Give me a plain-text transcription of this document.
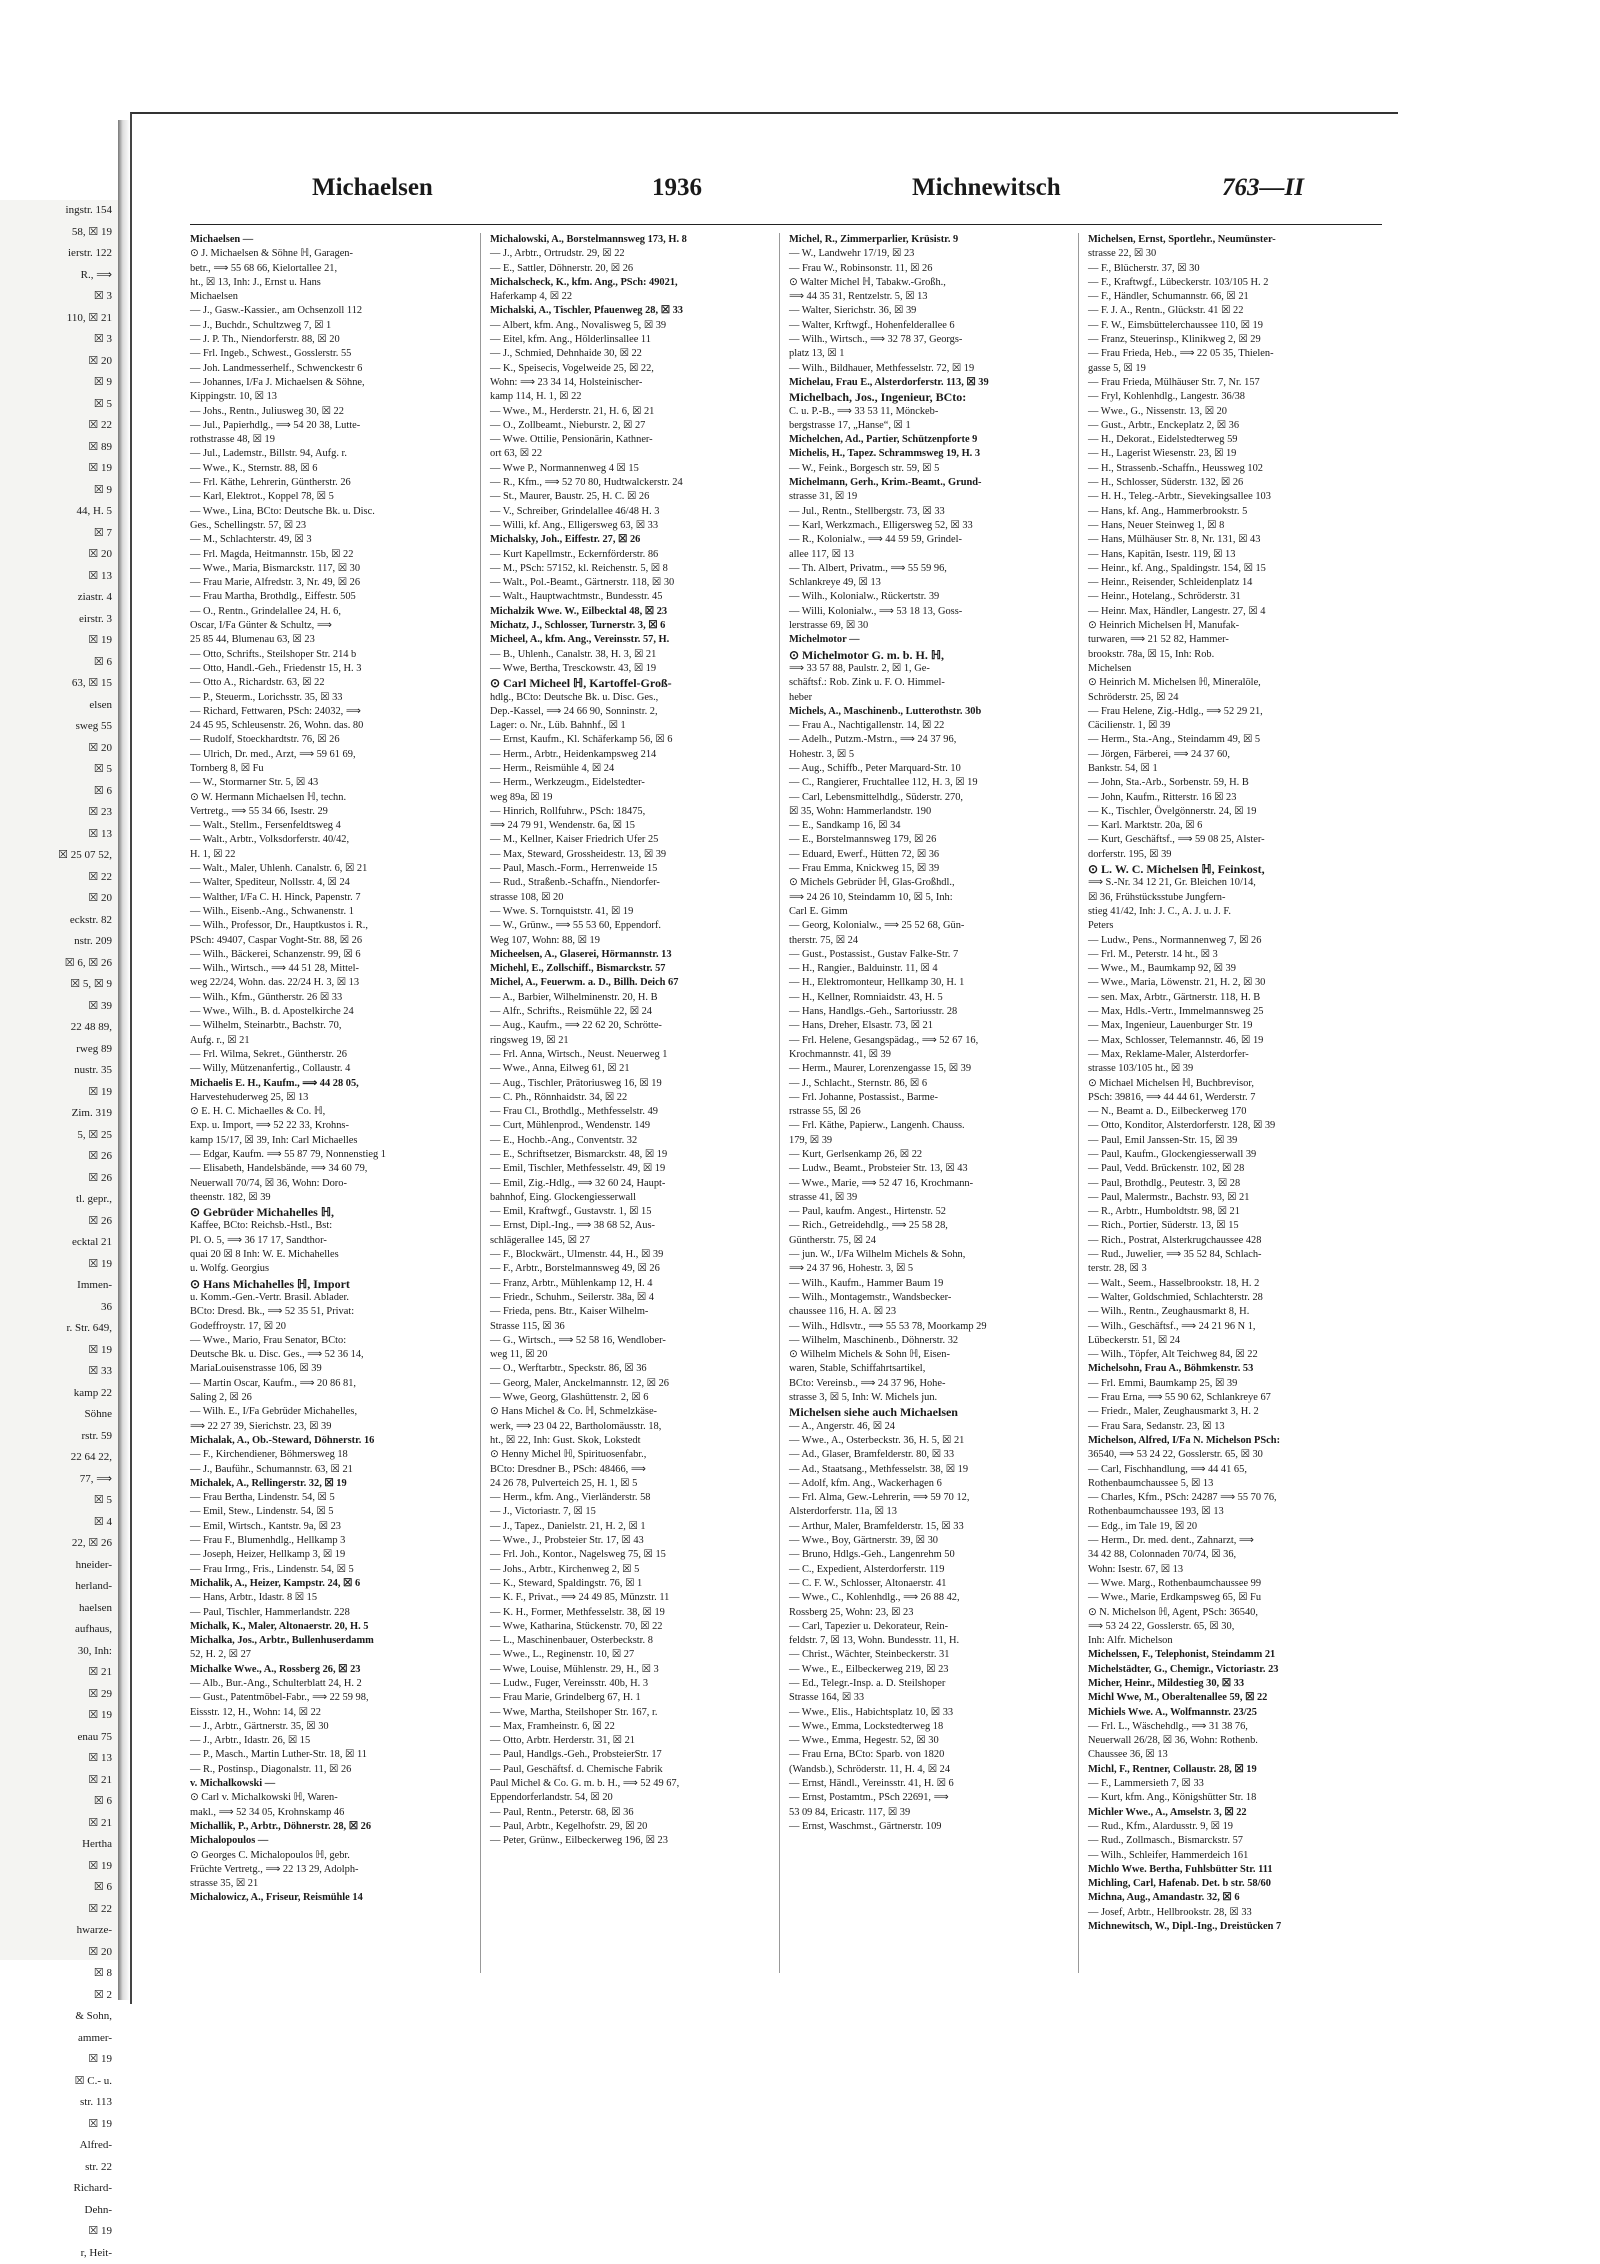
ingstr. 154
58, ☒ 19
ierstr. 122
R., ⟹
☒ 3
110, ☒ 21
☒ 3
☒ 20
☒ 9
☒ 5
☒ 22
☒ 89
☒ 19
☒ 9
44, H. 5
☒ 7
☒ 20
☒ 13
ziastr. 4
eirstr. 3
☒ 19
☒ 6
63, ☒ 15
elsen
sweg 55
☒ 20
☒ 5
☒ 6
☒ 23
☒ 13
☒ 25 07 52,
☒ 22
☒ 20
eckstr. 82
nstr. 209
☒ 6, ☒ 26
☒ 5, ☒ 9
☒ 39
22 48 89,
rweg 89
nustr. 35
☒ 19
Zim. 319
5, ☒ 25
☒ 26
☒ 26
tl. gepr.,
☒ 26
ecktal 21
☒ 19
Immen-
36
r. Str. 649,
☒ 19
☒ 33
kamp 22
Söhne
rstr. 59
22 64 22,
77, ⟹
☒ 5
☒ 4
22, ☒ 26
hneider-
herland-
haelsen
aufhaus,
30, Inh:
☒ 21
☒ 29
☒ 19
enau 75
☒ 13
☒ 21
☒ 6
☒ 21
Hertha
☒ 19
☒ 6
☒ 22
hwarze-
☒ 20
☒ 8
☒ 2
& Sohn,
ammer-
☒ 19
☒ C.- u.
str. 113
☒ 19
Alfred-
str. 22
Richard-
Dehn-
☒ 19
r, Heit-
Michaelsen	1936	Michnewitsch	763—II
Michaelsen —
⊙ J. Michaelsen & Söhne ℍ, Garagen-
betr., ⟹ 55 68 66, Kielortallee 21,
ht., ☒ 13, Inh: J., Ernst u. Hans
Michaelsen
— J., Gasw.-Kassier., am Ochsenzoll 112
— J., Buchdr., Schultzweg 7, ☒ 1
— J. P. Th., Niendorferstr. 88, ☒ 20
— Frl. Ingeb., Schwest., Gosslerstr. 55
— Joh. Landmesserhelf., Schwenckestr 6
— Johannes, I/Fa J. Michaelsen & Söhne,
Kippingstr. 10, ☒ 13
— Johs., Rentn., Juliusweg 30, ☒ 22
— Jul., Papierhdlg., ⟹ 54 20 38, Lutte-
rothstrasse 48, ☒ 19
— Jul., Lademstr., Billstr. 94, Aufg. r.
— Wwe., K., Sternstr. 88, ☒ 6
— Frl. Käthe, Lehrerin, Güntherstr. 26
— Karl, Elektrot., Koppel 78, ☒ 5
— Wwe., Lina, BCto: Deutsche Bk. u. Disc.
Ges., Schellingstr. 57, ☒ 23
— M., Schlachterstr. 49, ☒ 3
— Frl. Magda, Heitmannstr. 15b, ☒ 22
— Wwe., Maria, Bismarckstr. 117, ☒ 30
— Frau Marie, Alfredstr. 3, Nr. 49, ☒ 26
— Frau Martha, Brothdlg., Eiffestr. 505
— O., Rentn., Grindelallee 24, H. 6,
Oscar, I/Fa Günter & Schultz, ⟹
25 85 44, Blumenau 63, ☒ 23
— Otto, Schrifts., Steilshoper Str. 214 b
— Otto, Handl.-Geh., Friedenstr 15, H. 3
— Otto A., Richardstr. 63, ☒ 22
— P., Steuerm., Lorichsstr. 35, ☒ 33
— Richard, Fettwaren, PSch: 24032, ⟹
24 45 95, Schleusenstr. 26, Wohn. das. 80
— Rudolf, Stoeckhardtstr. 76, ☒ 26
— Ulrich, Dr. med., Arzt, ⟹ 59 61 69,
Tornberg 8, ☒ Fu
— W., Stormarner Str. 5, ☒ 43
⊙ W. Hermann Michaelsen ℍ, techn.
Vertretg., ⟹ 55 34 66, Isestr. 29
— Walt., Stellm., Fersenfeldtsweg 4
— Walt., Arbtr., Volksdorferstr. 40/42,
H. 1, ☒ 22
— Walt., Maler, Uhlenh. Canalstr. 6, ☒ 21
— Walter, Spediteur, Nollsstr. 4, ☒ 24
— Walther, I/Fa C. H. Hinck, Papenstr. 7
— Wilh., Eisenb.-Ang., Schwanenstr. 1
— Wilh., Professor, Dr., Hauptkustos i. R.,
PSch: 49407, Caspar Voght-Str. 88, ☒ 26
— Wilh., Bäckerei, Schanzenstr. 99, ☒ 6
— Wilh., Wirtsch., ⟹ 44 51 28, Mittel-
weg 22/24, Wohn. das. 22/24 H. 3, ☒ 13
— Wilh., Kfm., Güntherstr. 26 ☒ 33
— Wwe., Wilh., B. d. Apostelkirche 24
— Wilhelm, Steinarbtr., Bachstr. 70,
Aufg. r., ☒ 21
— Frl. Wilma, Sekret., Güntherstr. 26
— Willy, Mützenanfertig., Collaustr. 4
Michaelis E. H., Kaufm., ⟹ 44 28 05,
Harvestehuderweg 25, ☒ 13
⊙ E. H. C. Michaelles & Co. ℍ,
Exp. u. Import, ⟹ 52 22 33, Krohns-
kamp 15/17, ☒ 39, Inh: Carl Michaelles
— Edgar, Kaufm. ⟹ 55 87 79, Nonnenstieg 1
— Elisabeth, Handelsbände, ⟹ 34 60 79,
Neuerwall 70/74, ☒ 36, Wohn: Doro-
theenstr. 182, ☒ 39
⊙ Gebrüder Michahelles ℍ,
Kaffee, BCto: Reichsb.-Hstl., Bst:
Pl. O. 5, ⟹ 36 17 17, Sandthor-
quai 20 ☒ 8 Inh: W. E. Michahelles
u. Wolfg. Georgius
⊙ Hans Michahelles ℍ, Import
u. Komm.-Gen.-Vertr. Brasil. Ablader.
BCto: Dresd. Bk., ⟹ 52 35 51, Privat:
Godeffroystr. 17, ☒ 20
— Wwe., Mario, Frau Senator, BCto:
Deutsche Bk. u. Disc. Ges., ⟹ 52 36 14,
MariaLouisenstrasse 106, ☒ 39
— Martin Oscar, Kaufm., ⟹ 20 86 81,
Saling 2, ☒ 26
— Wilh. E., I/Fa Gebrüder Michahelles,
⟹ 22 27 39, Sierichstr. 23, ☒ 39
Michalak, A., Ob.-Steward, Döhnerstr. 16
— F., Kirchendiener, Böhmersweg 18
— J., Bauführ., Schumannstr. 63, ☒ 21
Michalek, A., Rellingerstr. 32, ☒ 19
— Frau Bertha, Lindenstr. 54, ☒ 5
— Emil, Stew., Lindenstr. 54, ☒ 5
— Emil, Wirtsch., Kantstr. 9a, ☒ 23
— Frau F., Blumenhdlg., Hellkamp 3
— Joseph, Heizer, Hellkamp 3, ☒ 19
— Frau Irmg., Fris., Lindenstr. 54, ☒ 5
Michalik, A., Heizer, Kampstr. 24, ☒ 6
— Hans, Arbtr., Idastr. 8 ☒ 15
— Paul, Tischler, Hammerlandstr. 228
Michalk, K., Maler, Altonaerstr. 20, H. 5
Michalka, Jos., Arbtr., Bullenhuserdamm
52, H. 2, ☒ 27
Michalke Wwe., A., Rossberg 26, ☒ 23
— Alb., Bur.-Ang., Schulterblatt 24, H. 2
— Gust., Patentmöbel-Fabr., ⟹ 22 59 98,
Eissstr. 12, H., Wohn: 14, ☒ 22
— J., Arbtr., Gärtnerstr. 35, ☒ 30
— J., Arbtr., Idastr. 26, ☒ 15
— P., Masch., Martin Luther-Str. 18, ☒ 11
— R., Postinsp., Diagonalstr. 11, ☒ 26
v. Michalkowski —
⊙ Carl v. Michalkowski ℍ, Waren-
makl., ⟹ 52 34 05, Krohnskamp 46
Michallik, P., Arbtr., Döhnerstr. 28, ☒ 26
Michalopoulos —
⊙ Georges C. Michalopoulos ℍ, gebr.
Früchte Vertretg., ⟹ 22 13 29, Adolph-
strasse 35, ☒ 21
Michalowicz, A., Friseur, Reismühle 14
Michalowski, A., Borstelmannsweg 173, H. 8
— J., Arbtr., Ortrudstr. 29, ☒ 22
— E., Sattler, Döhnerstr. 20, ☒ 26
Michalscheck, K., kfm. Ang., PSch: 49021,
Haferkamp 4, ☒ 22
Michalski, A., Tischler, Pfauenweg 28, ☒ 33
— Albert, kfm. Ang., Novalisweg 5, ☒ 39
— Eitel, kfm. Ang., Hölderlinsallee 11
— J., Schmied, Dehnhaide 30, ☒ 22
— K., Speisecis, Vogelweide 25, ☒ 22,
Wohn: ⟹ 23 34 14, Holsteinischer-
kamp 114, H. 1, ☒ 22
— Wwe., M., Herderstr. 21, H. 6, ☒ 21
— O., Zollbeamt., Nieburstr. 2, ☒ 27
— Wwe. Ottilie, Pensionärin, Kathner-
ort 63, ☒ 22
— Wwe P., Normannenweg 4 ☒ 15
— R., Kfm., ⟹ 52 70 80, Hudtwalckerstr. 24
— St., Maurer, Baustr. 25, H. C. ☒ 26
— V., Schreiber, Grindelallee 46/48 H. 3
— Willi, kf. Ang., Elligersweg 63, ☒ 33
Michalsky, Joh., Eiffestr. 27, ☒ 26
— Kurt Kapellmstr., Eckernförderstr. 86
— M., PSch: 57152, kl. Reichenstr. 5, ☒ 8
— Walt., Pol.-Beamt., Gärtnerstr. 118, ☒ 30
— Walt., Hauptwachtmstr., Bundesstr. 45
Michalzik Wwe. W., Eilbecktal 48, ☒ 23
Michatz, J., Schlosser, Turnerstr. 3, ☒ 6
Micheel, A., kfm. Ang., Vereinsstr. 57, H.
— B., Uhlenh., Canalstr. 38, H. 3, ☒ 21
— Wwe, Bertha, Tresckowstr. 43, ☒ 19
⊙ Carl Micheel ℍ, Kartoffel-Groß-
hdlg., BCto: Deutsche Bk. u. Disc. Ges.,
Dep.-Kassel, ⟹ 24 66 90, Sonninstr. 2,
Lager: o. Nr., Lüb. Bahnhf., ☒ 1
— Ernst, Kaufm., Kl. Schäferkamp 56, ☒ 6
— Herm., Arbtr., Heidenkampsweg 214
— Herm., Reismühle 4, ☒ 24
— Herm., Werkzeugm., Eidelstedter-
weg 89a, ☒ 19
— Hinrich, Rollfuhrw., PSch: 18475,
⟹ 24 79 91, Wendenstr. 6a, ☒ 15
— M., Kellner, Kaiser Friedrich Ufer 25
— Max, Steward, Grossheidestr. 13, ☒ 39
— Paul, Masch.-Form., Herrenweide 15
— Rud., Straßenb.-Schaffn., Niendorfer-
strasse 108, ☒ 20
— Wwe. S. Tornquiststr. 41, ☒ 19
— W., Grünw., ⟹ 55 53 60, Eppendorf.
Weg 107, Wohn: 88, ☒ 19
Micheelsen, A., Glaserei, Hörmannstr. 13
Michehl, E., Zollschiff., Bismarckstr. 57
Michel, A., Feuerwm. a. D., Billh. Deich 67
— A., Barbier, Wilhelminenstr. 20, H. B
— Alfr., Schrifts., Reismühle 22, ☒ 24
— Aug., Kaufm., ⟹ 22 62 20, Schrötte-
ringsweg 19, ☒ 21
— Frl. Anna, Wirtsch., Neust. Neuerweg 1
— Wwe., Anna, Eilweg 61, ☒ 21
— Aug., Tischler, Prätoriusweg 16, ☒ 19
— C. Ph., Rönnhaidstr. 34, ☒ 22
— Frau Cl., Brothdlg., Methfesselstr. 49
— Curt, Mühlenprod., Wendenstr. 149
— E., Hochb.-Ang., Conventstr. 32
— E., Schriftsetzer, Bismarckstr. 48, ☒ 19
— Emil, Tischler, Methfesselstr. 49, ☒ 19
— Emil, Zig.-Hdlg., ⟹ 32 60 24, Haupt-
bahnhof, Eing. Glockengiesserwall
— Emil, Kraftwgf., Gustavstr. 1, ☒ 15
— Ernst, Dipl.-Ing., ⟹ 38 68 52, Aus-
schlägerallee 145, ☒ 27
— F., Blockwärt., Ulmenstr. 44, H., ☒ 39
— F., Arbtr., Borstelmannsweg 49, ☒ 26
— Franz, Arbtr., Mühlenkamp 12, H. 4
— Friedr., Schuhm., Seilerstr. 38a, ☒ 4
— Frieda, pens. Btr., Kaiser Wilhelm-
Strasse 115, ☒ 36
— G., Wirtsch., ⟹ 52 58 16, Wendlober-
weg 11, ☒ 20
— O., Werftarbtr., Speckstr. 86, ☒ 36
— Georg, Maler, Anckelmannstr. 12, ☒ 26
— Wwe, Georg, Glashüttenstr. 2, ☒ 6
⊙ Hans Michel & Co. ℍ, Schmelzkäse-
werk, ⟹ 23 04 22, Bartholomäusstr. 18,
ht., ☒ 22, Inh: Gust. Skok, Lokstedt
⊙ Henny Michel ℍ, Spirituosenfabr.,
BCto: Dresdner B., PSch: 48466, ⟹
24 26 78, Pulverteich 25, H. 1, ☒ 5
— Herm., kfm. Ang., Vierländerstr. 58
— J., Victoriastr. 7, ☒ 15
— J., Tapez., Danielstr. 21, H. 2, ☒ 1
— Wwe., J., Probsteier Str. 17, ☒ 43
— Frl. Joh., Kontor., Nagelsweg 75, ☒ 15
— Johs., Arbtr., Kirchenweg 2, ☒ 5
— K., Steward, Spaldingstr. 76, ☒ 1
— K. F., Privat., ⟹ 24 49 85, Münzstr. 11
— K. H., Former, Methfesselstr. 38, ☒ 19
— Wwe, Katharina, Stückenstr. 70, ☒ 22
— L., Maschinenbauer, Osterbeckstr. 8
— Wwe., L., Reginenstr. 10, ☒ 27
— Wwe, Louise, Mühlenstr. 29, H., ☒ 3
— Ludw., Fuger, Vereinsstr. 40b, H. 3
— Frau Marie, Grindelberg 67, H. 1
— Wwe, Martha, Steilshoper Str. 167, r.
— Max, Framheinstr. 6, ☒ 22
— Otto, Arbtr. Herderstr. 31, ☒ 21
— Paul, Handlgs.-Geh., ProbsteierStr. 17
— Paul, Geschäftsf. d. Chemische Fabrik
Paul Michel & Co. G. m. b. H., ⟹ 52 49 67,
Eppendorferlandstr. 54, ☒ 20
— Paul, Rentn., Peterstr. 68, ☒ 36
— Paul, Arbtr., Kegelhofstr. 29, ☒ 20
— Peter, Grünw., Eilbeckerweg 196, ☒ 23
Michel, R., Zimmerparlier, Krüsistr. 9
— W., Landwehr 17/19, ☒ 23
— Frau W., Robinsonstr. 11, ☒ 26
⊙ Walter Michel ℍ, Tabakw.-Großh.,
⟹ 44 35 31, Rentzelstr. 5, ☒ 13
— Walter, Sierichstr. 36, ☒ 39
— Walter, Krftwgf., Hohenfelderallee 6
— Wilh., Wirtsch., ⟹ 32 78 37, Georgs-
platz 13, ☒ 1
— Wilh., Bildhauer, Methfesselstr. 72, ☒ 19
Michelau, Frau E., Alsterdorferstr. 113, ☒ 39
Michelbach, Jos., Ingenieur, BCto:
C. u. P.-B., ⟹ 33 53 11, Mönckeb-
bergstrasse 17, „Hanse“, ☒ 1
Michelchen, Ad., Partier, Schützenpforte 9
Michelis, H., Tapez. Schrammsweg 19, H. 3
— W., Feink., Borgesch str. 59, ☒ 5
Michelmann, Gerh., Krim.-Beamt., Grund-
strasse 31, ☒ 19
— Jul., Rentn., Stellbergstr. 73, ☒ 33
— Karl, Werkzmach., Elligersweg 52, ☒ 33
— R., Kolonialw., ⟹ 44 59 59, Grindel-
allee 117, ☒ 13
— Th. Albert, Privatm., ⟹ 55 59 96,
Schlankreye 49, ☒ 13
— Wilh., Kolonialw., Rückertstr. 39
— Willi, Kolonialw., ⟹ 53 18 13, Goss-
lerstrasse 69, ☒ 30
Michelmotor —
⊙ Michelmotor G. m. b. H. ℍ,
⟹ 33 57 88, Paulstr. 2, ☒ 1, Ge-
schäftsf.: Rob. Zink u. F. O. Himmel-
heber
Michels, A., Maschinenb., Lutterothstr. 30b
— Frau A., Nachtigallenstr. 14, ☒ 22
— Adelh., Putzm.-Mstrn., ⟹ 24 37 96,
Hohestr. 3, ☒ 5
— Aug., Schiffb., Peter Marquard-Str. 10
— C., Rangierer, Fruchtallee 112, H. 3, ☒ 19
— Carl, Lebensmittelhdlg., Süderstr. 270,
☒ 35, Wohn: Hammerlandstr. 190
— E., Sandkamp 16, ☒ 34
— E., Borstelmannsweg 179, ☒ 26
— Eduard, Ewerf., Hütten 72, ☒ 36
— Frau Emma, Knickweg 15, ☒ 39
⊙ Michels Gebrüder ℍ, Glas-Großhdl.,
⟹ 24 26 10, Steindamm 10, ☒ 5, Inh:
Carl E. Gimm
— Georg, Kolonialw., ⟹ 25 52 68, Gün-
therstr. 75, ☒ 24
— Gust., Postassist., Gustav Falke-Str. 7
— H., Rangier., Balduinstr. 11, ☒ 4
— H., Elektromonteur, Hellkamp 30, H. 1
— H., Kellner, Romniaidstr. 43, H. 5
— Hans, Handlgs.-Geh., Sartoriusstr. 28
— Hans, Dreher, Elsastr. 73, ☒ 21
— Frl. Helene, Gesangspädag., ⟹ 52 67 16,
Krochmannstr. 41, ☒ 39
— Herm., Maurer, Lorenzengasse 15, ☒ 39
— J., Schlacht., Sternstr. 86, ☒ 6
— Frl. Johanne, Postassist., Barme-
rstrasse 55, ☒ 26
— Frl. Käthe, Papierw., Langenh. Chauss.
179, ☒ 39
— Kurt, Gerlsenkamp 26, ☒ 22
— Ludw., Beamt., Probsteier Str. 13, ☒ 43
— Wwe., Marie, ⟹ 52 47 16, Krochmann-
strasse 41, ☒ 39
— Paul, kaufm. Angest., Hirtenstr. 52
— Rich., Getreidehdlg., ⟹ 25 58 28,
Güntherstr. 75, ☒ 24
— jun. W., I/Fa Wilhelm Michels & Sohn,
⟹ 24 37 96, Hohestr. 3, ☒ 5
— Wilh., Kaufm., Hammer Baum 19
— Wilh., Montagemstr., Wandsbecker-
chaussee 116, H. A. ☒ 23
— Wilh., Hdlsvtr., ⟹ 55 53 78, Moorkamp 29
— Wilhelm, Maschinenb., Döhnerstr. 32
⊙ Wilhelm Michels & Sohn ℍ, Eisen-
waren, Stable, Schiffahrtsartikel,
BCto: Vereinsb., ⟹ 24 37 96, Hohe-
strasse 3, ☒ 5, Inh: W. Michels jun.
Michelsen siehe auch Michaelsen
— A., Angerstr. 46, ☒ 24
— Wwe., A., Osterbeckstr. 36, H. 5, ☒ 21
— Ad., Glaser, Bramfelderstr. 80, ☒ 33
— Ad., Staatsang., Methfesselstr. 38, ☒ 19
— Adolf, kfm. Ang., Wackerhagen 6
— Frl. Alma, Gew.-Lehrerin, ⟹ 59 70 12,
Alsterdorferstr. 11a, ☒ 13
— Arthur, Maler, Bramfelderstr. 15, ☒ 33
— Wwe., Boy, Gärtnerstr. 39, ☒ 30
— Bruno, Hdlgs.-Geh., Langenrehm 50
— C., Expedient, Alsterdorferstr. 119
— C. F. W., Schlosser, Altonaerstr. 41
— Wwe., C., Kohlenhdlg., ⟹ 26 88 42,
Rossberg 25, Wohn: 23, ☒ 23
— Carl, Tapezier u. Dekorateur, Rein-
feldstr. 7, ☒ 13, Wohn. Bundesstr. 11, H.
— Christ., Wächter, Steinbeckerstr. 31
— Wwe., E., Eilbeckerweg 219, ☒ 23
— Ed., Telegr.-Insp. a. D. Steilshoper
Strasse 164, ☒ 33
— Wwe., Elis., Habichtsplatz 10, ☒ 33
— Wwe., Emma, Lockstedterweg 18
— Wwe., Emma, Hegestr. 52, ☒ 30
— Frau Erna, BCto: Sparb. von 1820
(Wandsb.), Schröderstr. 11, H. 4, ☒ 24
— Ernst, Händl., Vereinsstr. 41, H. ☒ 6
— Ernst, Postamtm., PSch 22691, ⟹
53 09 84, Ericastr. 117, ☒ 39
— Ernst, Waschmst., Gärtnerstr. 109
Michelsen, Ernst, Sportlehr., Neumünster-
strasse 22, ☒ 30
— F., Blücherstr. 37, ☒ 30
— F., Kraftwgf., Lübeckerstr. 103/105 H. 2
— F., Händler, Schumannstr. 66, ☒ 21
— F. J. A., Rentn., Glückstr. 41 ☒ 22
— F. W., Eimsbüttelerchaussee 110, ☒ 19
— Franz, Steuerinsp., Klinikweg 2, ☒ 29
— Frau Frieda, Heb., ⟹ 22 05 35, Thielen-
gasse 5, ☒ 19
— Frau Frieda, Mülhäuser Str. 7, Nr. 157
— Fryl, Kohlenhdlg., Langestr. 36/38
— Wwe., G., Nissenstr. 13, ☒ 20
— Gust., Arbtr., Enckeplatz 2, ☒ 36
— H., Dekorat., Eidelstedterweg 59
— H., Lagerist Wiesenstr. 23, ☒ 19
— H., Strassenb.-Schaffn., Heussweg 102
— H., Schlosser, Süderstr. 132, ☒ 26
— H. H., Teleg.-Arbtr., Sievekingsallee 103
— Hans, kf. Ang., Hammerbrookstr. 5
— Hans, Neuer Steinweg 1, ☒ 8
— Hans, Mülhäuser Str. 8, Nr. 131, ☒ 43
— Hans, Kapitän, Isestr. 119, ☒ 13
— Heinr., kf. Ang., Spaldingstr. 154, ☒ 15
— Heinr., Reisender, Schleidenplatz 14
— Heinr., Hotelang., Schröderstr. 31
— Heinr. Max, Händler, Langestr. 27, ☒ 4
⊙ Heinrich Michelsen ℍ, Manufak-
turwaren, ⟹ 21 52 82, Hammer-
brookstr. 78a, ☒ 15, Inh: Rob.
Michelsen
⊙ Heinrich M. Michelsen ℍ, Mineralöle,
Schröderstr. 25, ☒ 24
— Frau Helene, Zig.-Hdlg., ⟹ 52 29 21,
Cäcilienstr. 1, ☒ 39
— Herm., Sta.-Ang., Steindamm 49, ☒ 5
— Jörgen, Färberei, ⟹ 24 37 60,
Bankstr. 54, ☒ 1
— John, Sta.-Arb., Sorbenstr. 59, H. B
— John, Kaufm., Ritterstr. 16 ☒ 23
— K., Tischler, Övelgönnerstr. 24, ☒ 19
— Karl. Marktstr. 20a, ☒ 6
— Kurt, Geschäftsf., ⟹ 59 08 25, Alster-
dorferstr. 195, ☒ 39
⊙ L. W. C. Michelsen ℍ, Feinkost,
⟹ S.-Nr. 34 12 21, Gr. Bleichen 10/14,
☒ 36, Frühstücksstube Jungfern-
stieg 41/42, Inh: J. C., A. J. u. J. F.
Peters
— Ludw., Pens., Normannenweg 7, ☒ 26
— Frl. M., Peterstr. 14 ht., ☒ 3
— Wwe., M., Baumkamp 92, ☒ 39
— Wwe., Maria, Löwenstr. 21, H. 2, ☒ 30
— sen. Max, Arbtr., Gärtnerstr. 118, H. B
— Max, Hdls.-Vertr., Immelmannsweg 25
— Max, Ingenieur, Lauenburger Str. 19
— Max, Schlosser, Telemannstr. 46, ☒ 19
— Max, Reklame-Maler, Alsterdorfer-
strasse 103/105 ht., ☒ 39
⊙ Michael Michelsen ℍ, Buchbrevisor,
PSch: 39816, ⟹ 44 44 61, Werderstr. 7
— N., Beamt a. D., Eilbeckerweg 170
— Otto, Konditor, Alsterdorferstr. 128, ☒ 39
— Paul, Emil Janssen-Str. 15, ☒ 39
— Paul, Kaufm., Glockengiesserwall 39
— Paul, Vedd. Brückenstr. 102, ☒ 28
— Paul, Brothdlg., Peutestr. 3, ☒ 28
— Paul, Malermstr., Bachstr. 93, ☒ 21
— R., Arbtr., Humboldtstr. 98, ☒ 21
— Rich., Portier, Süderstr. 13, ☒ 15
— Rich., Postrat, Alsterkrugchaussee 428
— Rud., Juwelier, ⟹ 35 52 84, Schlach-
terstr. 28, ☒ 3
— Walt., Seem., Hasselbrookstr. 18, H. 2
— Walter, Goldschmied, Schlachterstr. 28
— Wilh., Rentn., Zeughausmarkt 8, H.
— Wilh., Geschäftsf., ⟹ 24 21 96 N 1,
Lübeckerstr. 51, ☒ 24
— Wilh., Töpfer, Alt Teichweg 84, ☒ 22
Michelsohn, Frau A., Böhmkenstr. 53
— Frl. Emmi, Baumkamp 25, ☒ 39
— Frau Erna, ⟹ 55 90 62, Schlankreye 67
— Friedr., Maler, Zeughausmarkt 3, H. 2
— Frau Sara, Sedanstr. 23, ☒ 13
Michelson, Alfred, I/Fa N. Michelson PSch:
36540, ⟹ 53 24 22, Gosslerstr. 65, ☒ 30
— Carl, Fischhandlung, ⟹ 44 41 65,
Rothenbaumchaussee 5, ☒ 13
— Charles, Kfm., PSch: 24287 ⟹ 55 70 76,
Rothenbaumchaussee 193, ☒ 13
— Edg., im Tale 19, ☒ 20
— Herm., Dr. med. dent., Zahnarzt, ⟹
34 42 88, Colonnaden 70/74, ☒ 36,
Wohn: Isestr. 67, ☒ 13
— Wwe. Marg., Rothenbaumchaussee 99
— Wwe., Marie, Erdkampsweg 65, ☒ Fu
⊙ N. Michelson ℍ, Agent, PSch: 36540,
⟹ 53 24 22, Gosslerstr. 65, ☒ 30,
Inh: Alfr. Michelson
Michelssen, F., Telephonist, Steindamm 21
Michelstädter, G., Chemigr., Victoriastr. 23
Micher, Heinr., Mildestieg 30, ☒ 33
Michl Wwe, M., Oberaltenallee 59, ☒ 22
Michiels Wwe. A., Wolfmannstr. 23/25
— Frl. L., Wäschehdlg., ⟹ 31 38 76,
Neuerwall 26/28, ☒ 36, Wohn: Rothenb.
Chaussee 36, ☒ 13
Michl, F., Rentner, Collaustr. 28, ☒ 19
— F., Lammersieth 7, ☒ 33
— Kurt, kfm. Ang., Königshütter Str. 18
Michler Wwe., A., Amselstr. 3, ☒ 22
— Rud., Kfm., Alardusstr. 9, ☒ 19
— Rud., Zollmasch., Bismarckstr. 57
— Wilh., Schleifer, Hammerdeich 161
Michlo Wwe. Bertha, Fuhlsbütter Str. 111
Michling, Carl, Hafenab. Det. b str. 58/60
Michna, Aug., Amandastr. 32, ☒ 6
— Josef, Arbtr., Hellbrookstr. 28, ☒ 33
Michnewitsch, W., Dipl.-Ing., Dreistücken 7
